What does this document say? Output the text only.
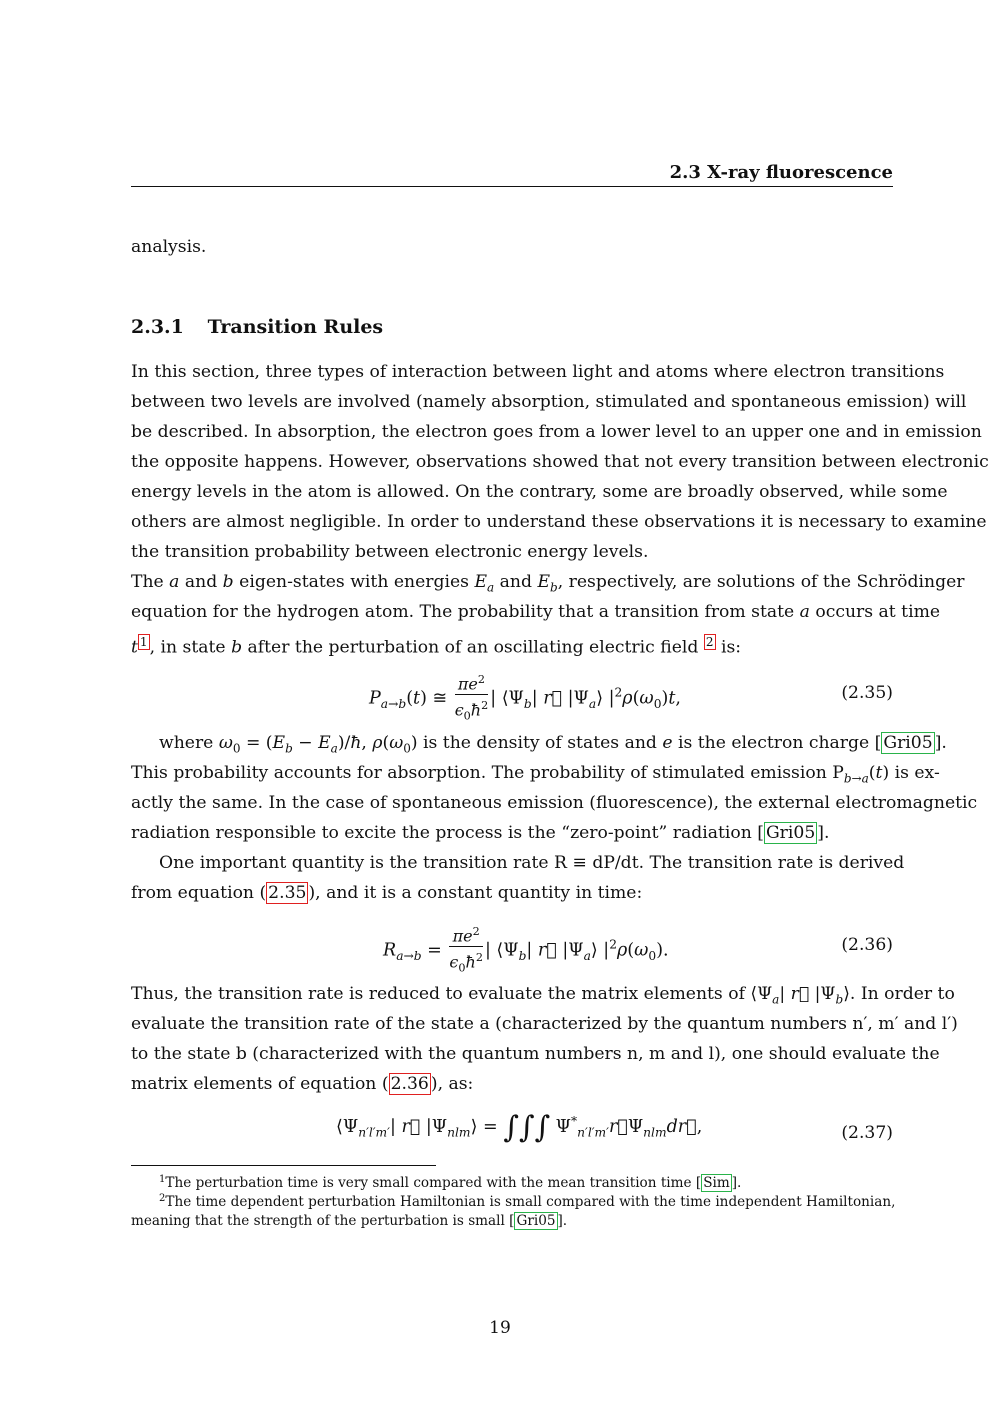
2.3 X-ray fluorescence
analysis.
2.3.1 Transition Rules
In this section, three types of interaction between light and atoms where electron transitions
between two levels are involved (namely absorption, stimulated and spontaneous emission) will
be described. In absorption, the electron goes from a lower level to an upper one and in emission
the opposite happens. However, observations showed that not every transition between electronic
energy levels in the atom is allowed. On the contrary, some are broadly observed, while some
others are almost negligible. In order to understand these observations it is necessary to examine
the transition probability between electronic energy levels.
The a and b eigen-states with energies $E_a$ and $E_b$, respectively, are solutions of the Schrödinger
equation for the hydrogen atom. The probability that a transition from state a occurs at time
t $^1$ , in state b after the perturbation of an oscillating electric field $^2$ is:
$P_{a\to b}(t)$ ≅ $\frac{\pi e^2}{\epsilon_0ħ^2}$ | $⟨\Psi_b|$ r⃗ $|\Psi_a⟩$ $|^2\rho(\omega_0)t$,	(2.35)
where $\omega_0 = (E_b$ − $E_a)/ħ$, $\rho(\omega_0)$ is the density of states and e is the electron charge [ Gri05 ].
This probability accounts for absorption. The probability of stimulated emission $P_{b\to a}(t)$ is ex-
actly the same. In the case of spontaneous emission (fluorescence), the external electromagnetic
radiation responsible to excite the process is the “zero-point” radiation [ Gri05 ].
One important quantity is the transition rate R ≡ dP/dt. The transition rate is derived
from equation ( 2.35 ), and it is a constant quantity in time:
$R_{a\to b} = \frac{\pi e^2}{\epsilon_0ħ^2}$ | $⟨\Psi_b|$ r⃗ $|\Psi_a⟩$ $|^2\rho(\omega_0)$.	(2.36)
Thus, the transition rate is reduced to evaluate the matrix elements of $⟨\Psi_a|$ r⃗ $|\Psi_b⟩$. In order to
evaluate the transition rate of the state a (characterized by the quantum numbers n′, m′ and l′)
to the state b (characterized with the quantum numbers n, m and l), one should evaluate the
matrix elements of equation ( 2.36 ), as:
$⟨\Psi_{n'l'm'}|$ r⃗ $|\Psi_{nlm}⟩$ = ∫∫∫ $\Psi^*_{n'l'm'}r⃗\Psi_{nlm}dr⃗$,	(2.37)
$^1$The perturbation time is very small compared with the mean transition time [ Sim ].
$^2$The time dependent perturbation Hamiltonian is small compared with the time independent Hamiltonian,
meaning that the strength of the perturbation is small [ Gri05 ].
19
